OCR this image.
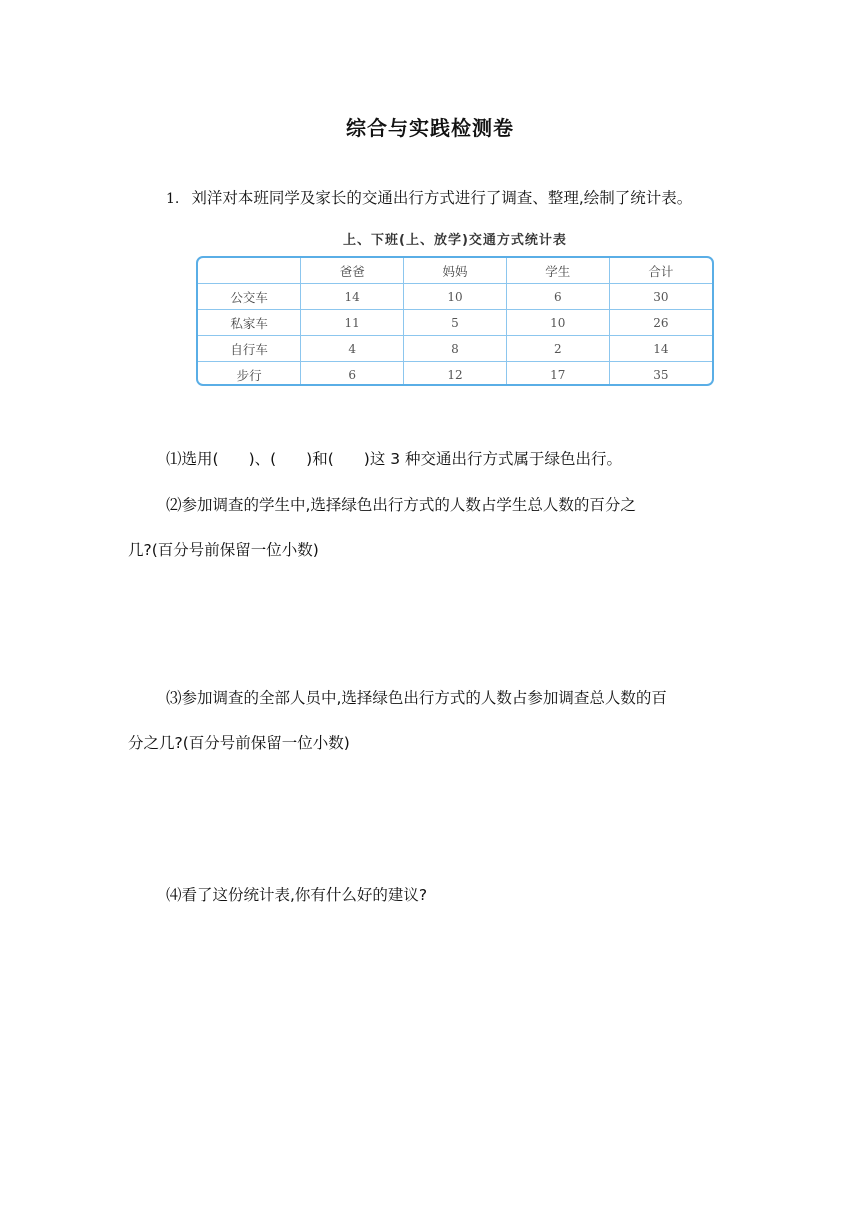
综合与实践检测卷
1. 刘洋对本班同学及家长的交通出行方式进行了调查、整理,绘制了统计表。
上、下班(上、放学)交通方式统计表
	爸爸	妈妈	学生	合计
公交车	14	10	6	30
私家车	11	5	10	26
自行车	4	8	2	14
步行	6	12	17	35
⑴选用( )、( )和( )这 3 种交通出行方式属于绿色出行。
⑵参加调查的学生中,选择绿色出行方式的人数占学生总人数的百分之
几?(百分号前保留一位小数)
⑶参加调查的全部人员中,选择绿色出行方式的人数占参加调查总人数的百
分之几?(百分号前保留一位小数)
⑷看了这份统计表,你有什么好的建议?
